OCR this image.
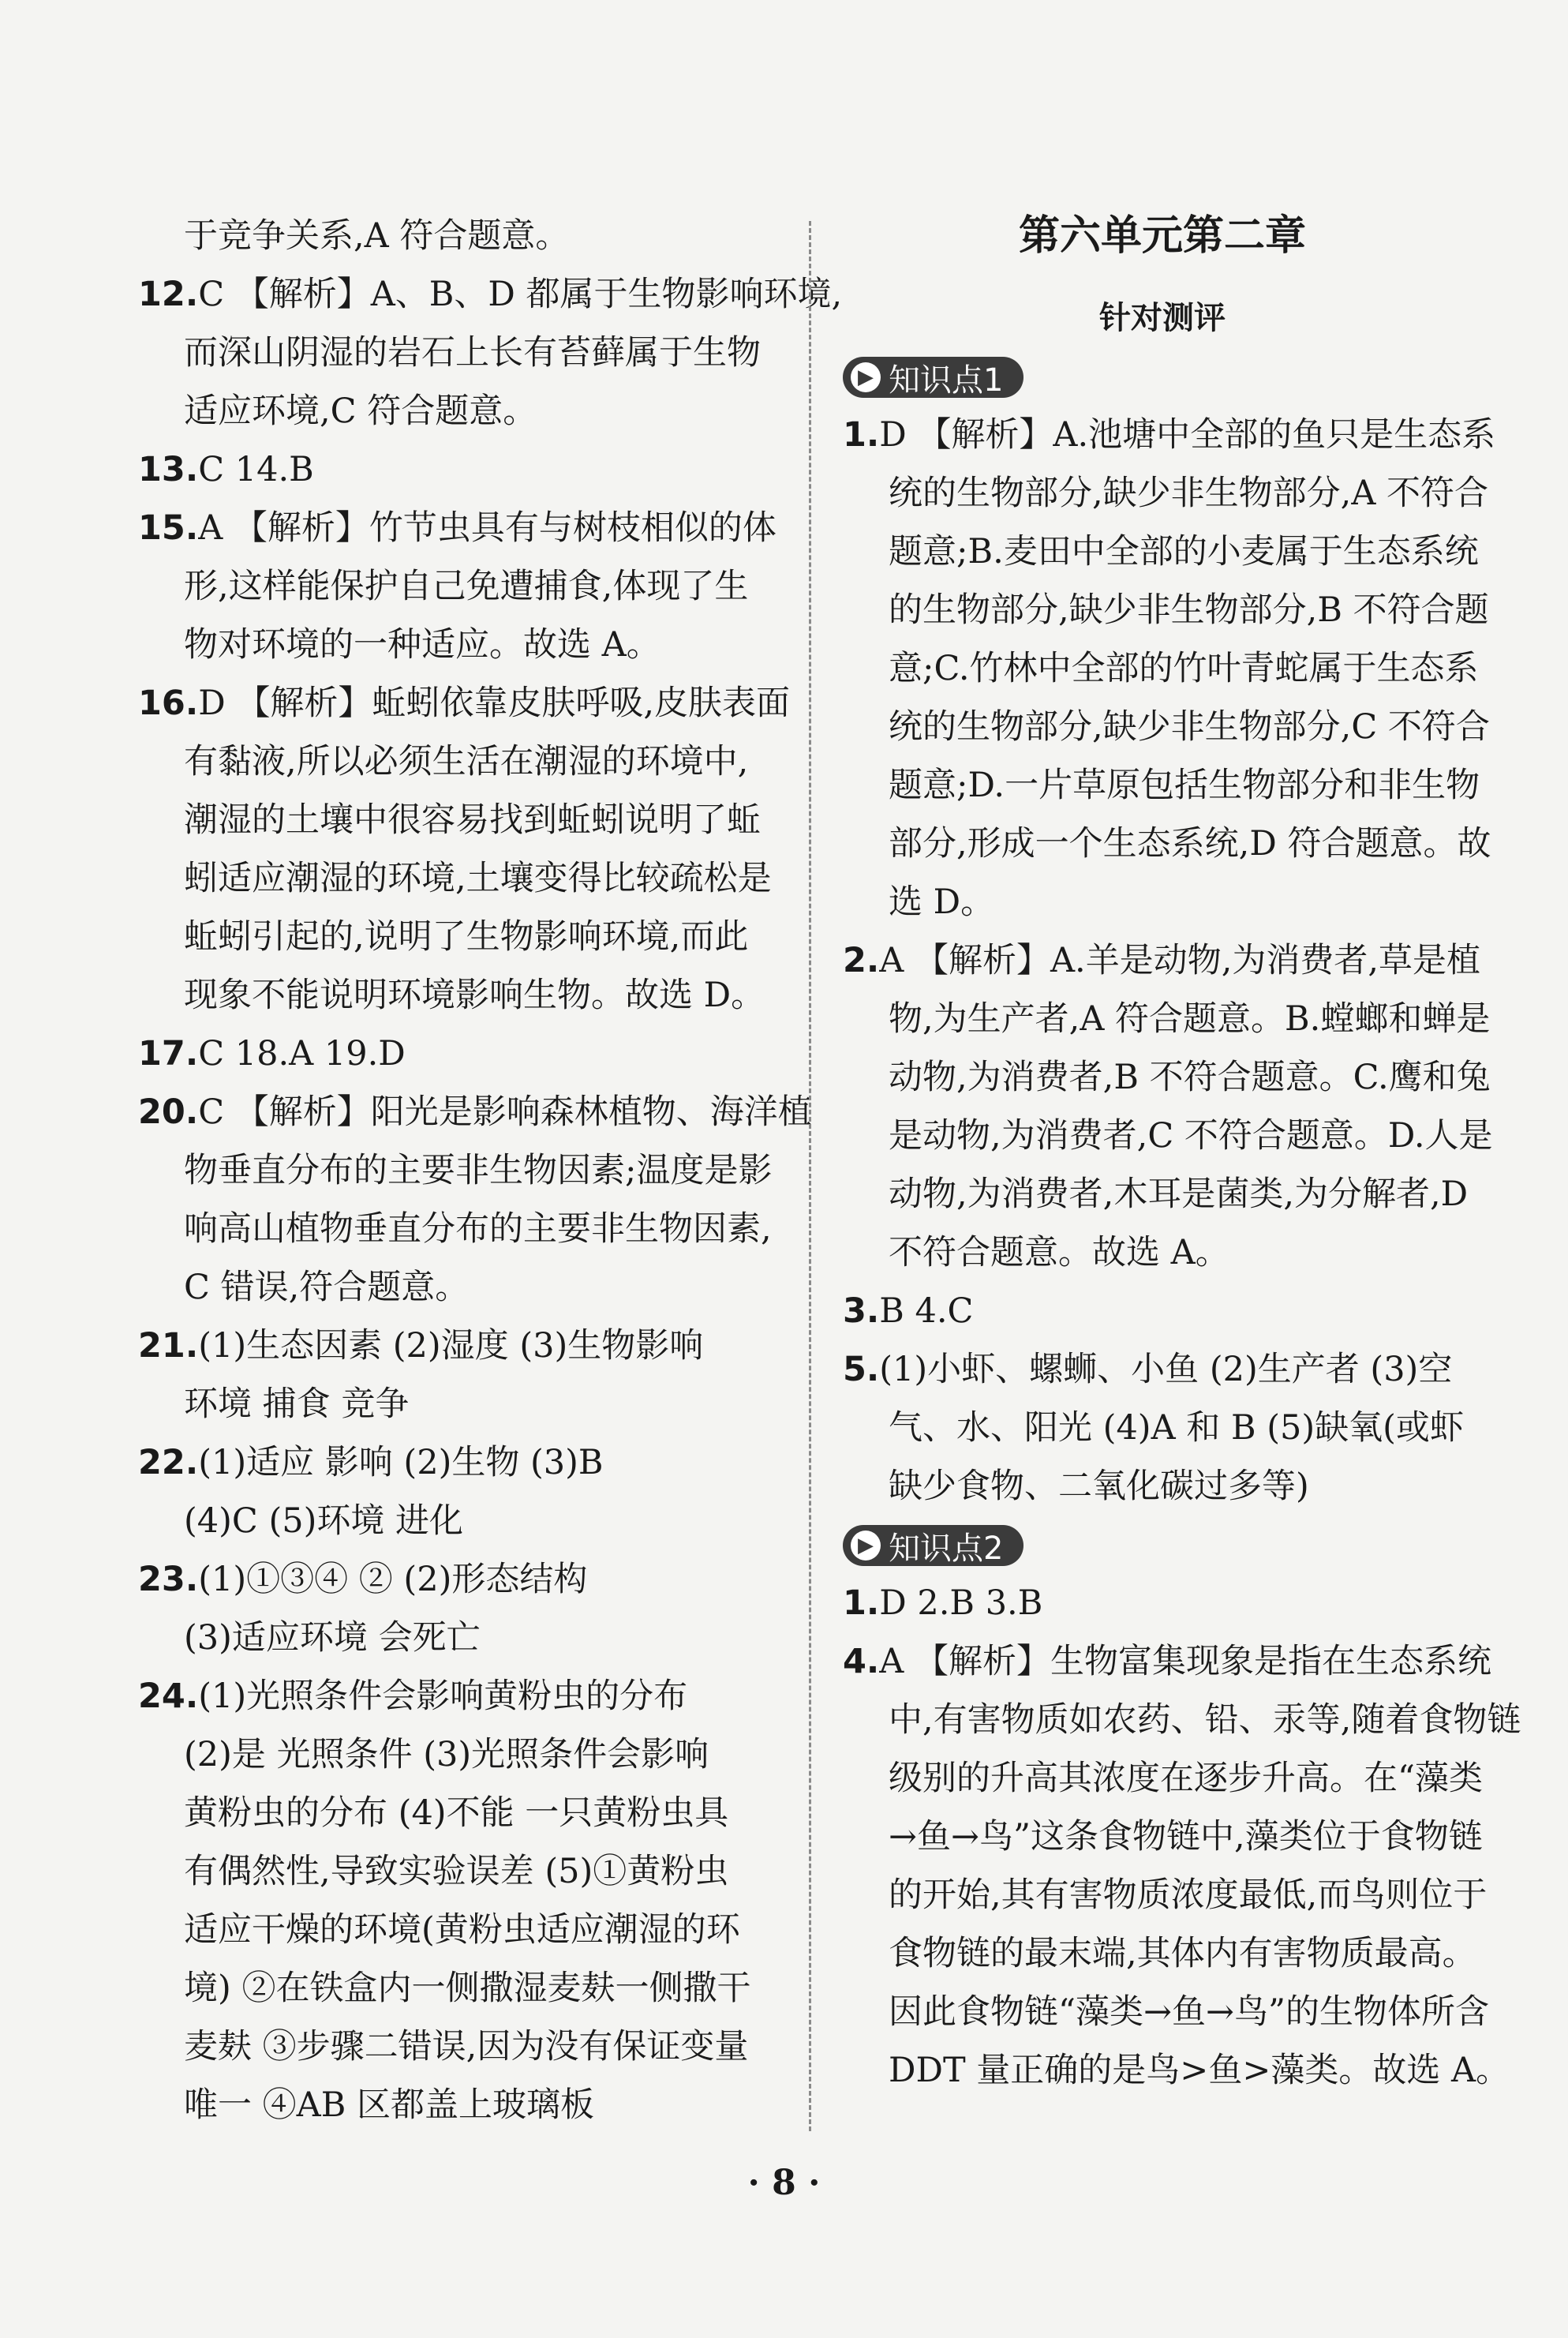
于竞争关系,A 符合题意。
12.C 【解析】A、B、D 都属于生物影响环境,
而深山阴湿的岩石上长有苔藓属于生物
适应环境,C 符合题意。
13.C 14.B
15.A 【解析】竹节虫具有与树枝相似的体
形,这样能保护自己免遭捕食,体现了生
物对环境的一种适应。故选 A。
16.D 【解析】蚯蚓依靠皮肤呼吸,皮肤表面
有黏液,所以必须生活在潮湿的环境中,
潮湿的土壤中很容易找到蚯蚓说明了蚯
蚓适应潮湿的环境,土壤变得比较疏松是
蚯蚓引起的,说明了生物影响环境,而此
现象不能说明环境影响生物。故选 D。
17.C 18.A 19.D
20.C 【解析】阳光是影响森林植物、海洋植
物垂直分布的主要非生物因素;温度是影
响高山植物垂直分布的主要非生物因素,
C 错误,符合题意。
21.(1)生态因素 (2)湿度 (3)生物影响
环境 捕食 竞争
22.(1)适应 影响 (2)生物 (3)B
(4)C (5)环境 进化
23.(1)①③④ ② (2)形态结构
(3)适应环境 会死亡
24.(1)光照条件会影响黄粉虫的分布
(2)是 光照条件 (3)光照条件会影响
黄粉虫的分布 (4)不能 一只黄粉虫具
有偶然性,导致实验误差 (5)①黄粉虫
适应干燥的环境(黄粉虫适应潮湿的环
境) ②在铁盒内一侧撒湿麦麸一侧撒干
麦麸 ③步骤二错误,因为没有保证变量
唯一 ④AB 区都盖上玻璃板
第六单元第二章
针对测评
▶ 知识点1
1.D 【解析】A.池塘中全部的鱼只是生态系
统的生物部分,缺少非生物部分,A 不符合
题意;B.麦田中全部的小麦属于生态系统
的生物部分,缺少非生物部分,B 不符合题
意;C.竹林中全部的竹叶青蛇属于生态系
统的生物部分,缺少非生物部分,C 不符合
题意;D.一片草原包括生物部分和非生物
部分,形成一个生态系统,D 符合题意。故
选 D。
2.A 【解析】A.羊是动物,为消费者,草是植
物,为生产者,A 符合题意。B.螳螂和蝉是
动物,为消费者,B 不符合题意。C.鹰和兔
是动物,为消费者,C 不符合题意。D.人是
动物,为消费者,木耳是菌类,为分解者,D
不符合题意。故选 A。
3.B 4.C
5.(1)小虾、螺蛳、小鱼 (2)生产者 (3)空
气、水、阳光 (4)A 和 B (5)缺氧(或虾
缺少食物、二氧化碳过多等)
▶ 知识点2
1.D 2.B 3.B
4.A 【解析】生物富集现象是指在生态系统
中,有害物质如农药、铅、汞等,随着食物链
级别的升高其浓度在逐步升高。在“藻类
→鱼→鸟”这条食物链中,藻类位于食物链
的开始,其有害物质浓度最低,而鸟则位于
食物链的最末端,其体内有害物质最高。
因此食物链“藻类→鱼→鸟”的生物体所含
DDT 量正确的是鸟>鱼>藻类。故选 A。
· 8 ·
